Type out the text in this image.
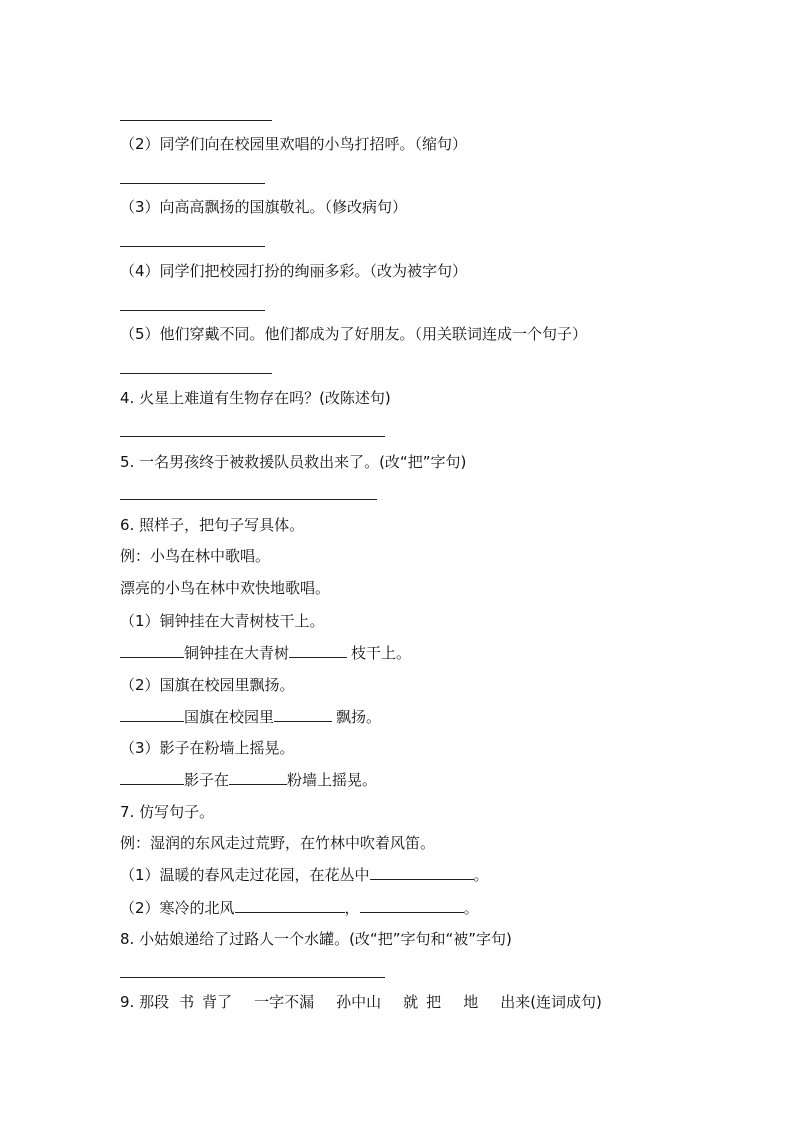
（2）同学们向在校园里欢唱的小鸟打招呼。（缩句）
（3）向高高飘扬的国旗敬礼。（修改病句）
（4）同学们把校园打扮的绚丽多彩。（改为被字句）
（5）他们穿戴不同。他们都成为了好朋友。（用关联词连成一个句子）
4. 火星上难道有生物存在吗？(改陈述句)
5. 一名男孩终于被救援队员救出来了。(改“把”字句)
6. 照样子，把句子写具体。
例：小鸟在林中歌唱。
漂亮的小鸟在林中欢快地歌唱。
（1）铜钟挂在大青树枝干上。
铜钟挂在大青树	枝干上。
（2）国旗在校园里飘扬。
国旗在校园里	飘扬。
（3）影子在粉墙上摇晃。
影子在	粉墙上摇晃。
7. 仿写句子。
例：湿润的东风走过荒野，在竹林中吹着风笛。
（1）温暖的春风走过花园，在花丛中	。
（2）寒冷的北风	，	。
8. 小姑娘递给了过路人一个水罐。(改“把”字句和“被”字句)
9. 那段 书 背了 一字不漏 孙中山 就 把 地 出来(连词成句)
